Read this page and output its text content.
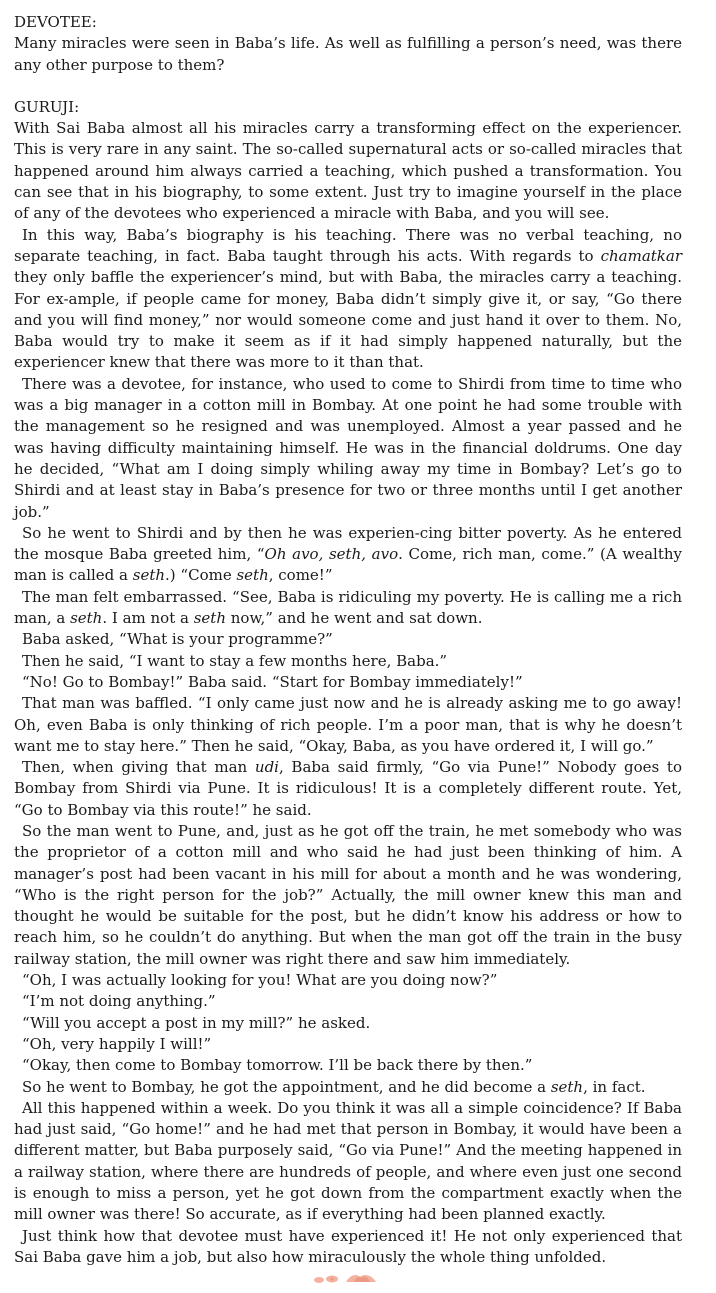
DEVOTEE:

Many miracles were seen in Baba’s life. As well as fulfilling a person’s need, was there any other purpose to them?

GURUJI:

With Sai Baba almost all his miracles carry a transforming effect on the experiencer. This is very rare in any saint. The so-called supernatural acts or so-called miracles that happened around him always carried a teaching, which pushed a transformation. You can see that in his biography, to some extent. Just try to imagine yourself in the place of any of the devotees who experienced a miracle with Baba, and you will see.

In this way, Baba’s biography is his teaching. There was no verbal teaching, no separate teaching, in fact. Baba taught through his acts. With regards to chamatkar they only baffle the experiencer’s mind, but with Baba, the miracles carry a teaching. For ex-ample, if people came for money, Baba didn’t simply give it, or say, “Go there and you will find money,” nor would someone come and just hand it over to them. No, Baba would try to make it seem as if it had simply happened naturally, but the experiencer knew that there was more to it than that.

There was a devotee, for instance, who used to come to Shirdi from time to time who was a big manager in a cotton mill in Bombay. At one point he had some trouble with the management so he resigned and was unemployed. Almost a year passed and he was having difficulty maintaining himself. He was in the financial doldrums. One day he decided, “What am I doing simply whiling away my time in Bombay? Let’s go to Shirdi and at least stay in Baba’s presence for two or three months until I get another job.”

So he went to Shirdi and by then he was experien-cing bitter poverty. As he entered the mosque Baba greeted him, “Oh avo, seth, avo. Come, rich man, come.” (A wealthy man is called a seth.) “Come seth, come!”

The man felt embarrassed. “See, Baba is ridiculing my poverty. He is calling me a rich man, a seth. I am not a seth now,” and he went and sat down.

Baba asked, “What is your programme?”

Then he said, “I want to stay a few months here, Baba.”

“No! Go to Bombay!” Baba said. “Start for Bombay immediately!”

That man was baffled. “I only came just now and he is already asking me to go away! Oh, even Baba is only thinking of rich people. I’m a poor man, that is why he doesn’t want me to stay here.” Then he said, “Okay, Baba, as you have ordered it, I will go.”

Then, when giving that man udi, Baba said firmly, “Go via Pune!” Nobody goes to Bombay from Shirdi via Pune. It is ridiculous! It is a completely different route. Yet, “Go to Bombay via this route!” he said.

So the man went to Pune, and, just as he got off the train, he met somebody who was the proprietor of a cotton mill and who said he had just been thinking of him. A manager’s post had been vacant in his mill for about a month and he was wondering, “Who is the right person for the job?” Actually, the mill owner knew this man and thought he would be suitable for the post, but he didn’t know his address or how to reach him, so he couldn’t do anything. But when the man got off the train in the busy railway station, the mill owner was right there and saw him immediately.

“Oh, I was actually looking for you! What are you doing now?”

“I’m not doing anything.”

“Will you accept a post in my mill?” he asked.

“Oh, very happily I will!”

“Okay, then come to Bombay tomorrow. I’ll be back there by then.”

So he went to Bombay, he got the appointment, and he did become a seth, in fact.

All this happened within a week. Do you think it was all a simple coincidence? If Baba had just said, “Go home!” and he had met that person in Bombay, it would have been a different matter, but Baba purposely said, “Go via Pune!” And the meeting happened in a railway station, where there are hundreds of people, and where even just one second is enough to miss a person, yet he got down from the compartment exactly when the mill owner was there! So accurate, as if everything had been planned exactly.

Just think how that devotee must have experienced it! He not only experienced that Sai Baba gave him a job, but also how miraculously the whole thing unfolded.
